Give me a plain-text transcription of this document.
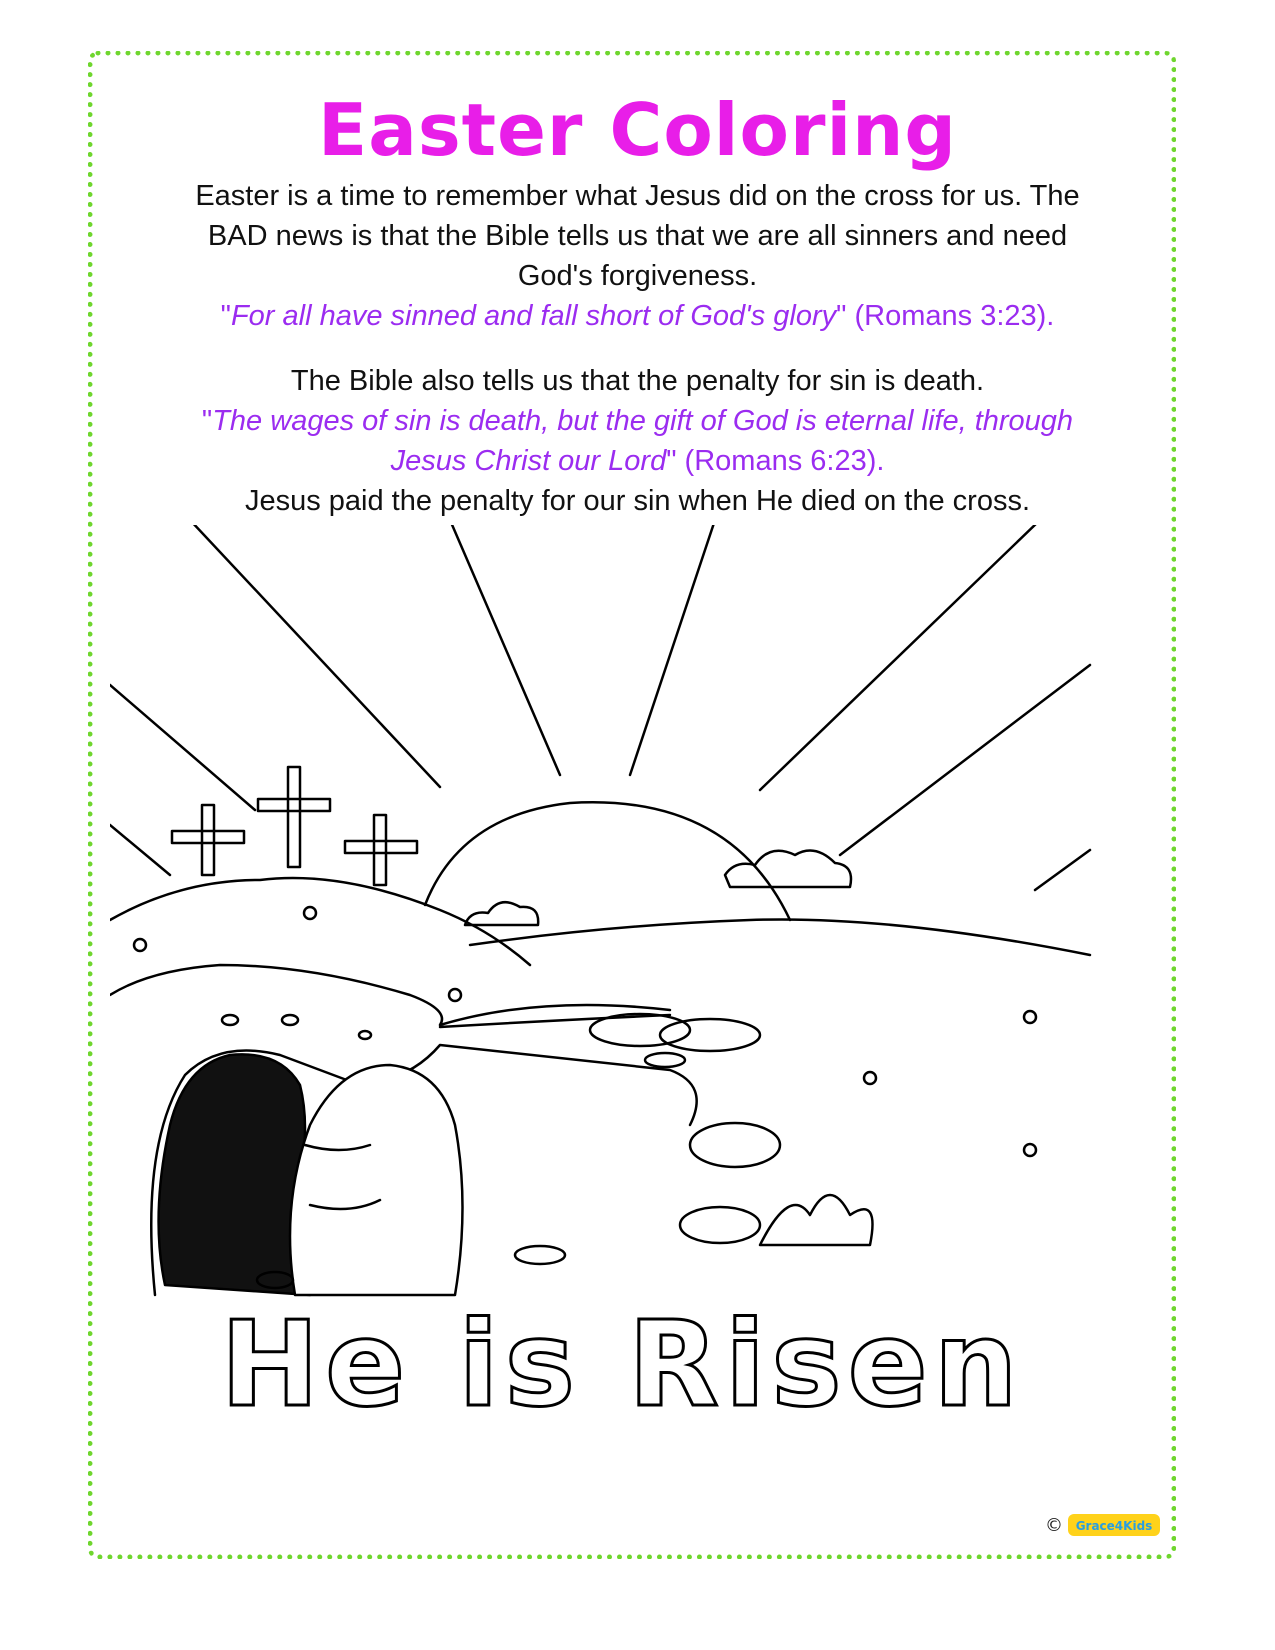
Easter Coloring
Easter is a time to remember what Jesus did on the cross for us. The
BAD news is that the Bible tells us that we are all sinners and need
God's forgiveness.
"For all have sinned and fall short of God's glory" (Romans 3:23).
The Bible also tells us that the penalty for sin is death.
"The wages of sin is death, but the gift of God is eternal life, through
Jesus Christ our Lord" (Romans 6:23).
Jesus paid the penalty for our sin when He died on the cross.
He is Risen
© Grace4Kids
